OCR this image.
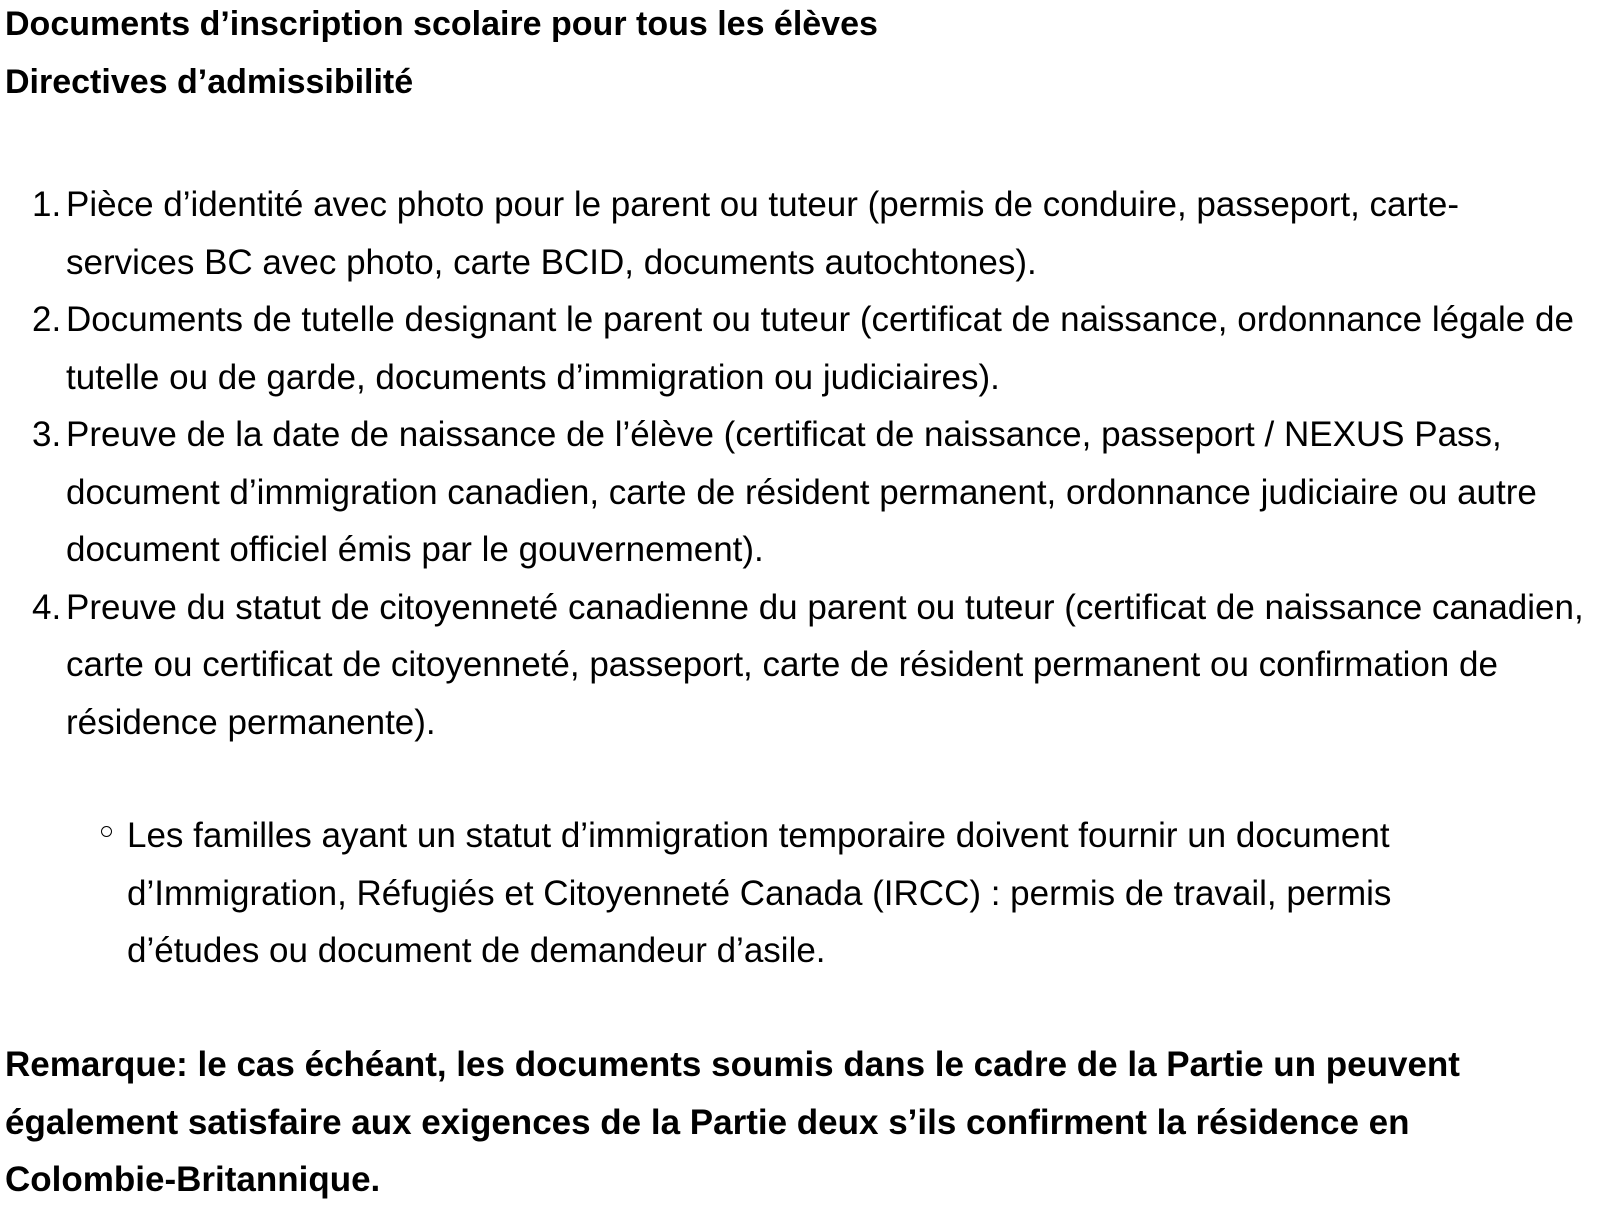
Documents d’inscription scolaire pour tous les élèves
Directives d’admissibilité
1. Pièce d’identité avec photo pour le parent ou tuteur (permis de conduire, passeport, carte-services BC avec photo, carte BCID, documents autochtones).
2. Documents de tutelle designant le parent ou tuteur (certificat de naissance, ordonnance légale de tutelle ou de garde, documents d’immigration ou judiciaires).
3. Preuve de la date de naissance de l’élève (certificat de naissance, passeport / NEXUS Pass, document d’immigration canadien, carte de résident permanent, ordonnance judiciaire ou autre document officiel émis par le gouvernement).
4. Preuve du statut de citoyenneté canadienne du parent ou tuteur (certificat de naissance canadien, carte ou certificat de citoyenneté, passeport, carte de résident permanent ou confirmation de résidence permanente).
Les familles ayant un statut d’immigration temporaire doivent fournir un document d’Immigration, Réfugiés et Citoyenneté Canada (IRCC) : permis de travail, permis d’études ou document de demandeur d’asile.
Remarque: le cas échéant, les documents soumis dans le cadre de la Partie un peuvent également satisfaire aux exigences de la Partie deux s’ils confirment la résidence en Colombie-Britannique.
